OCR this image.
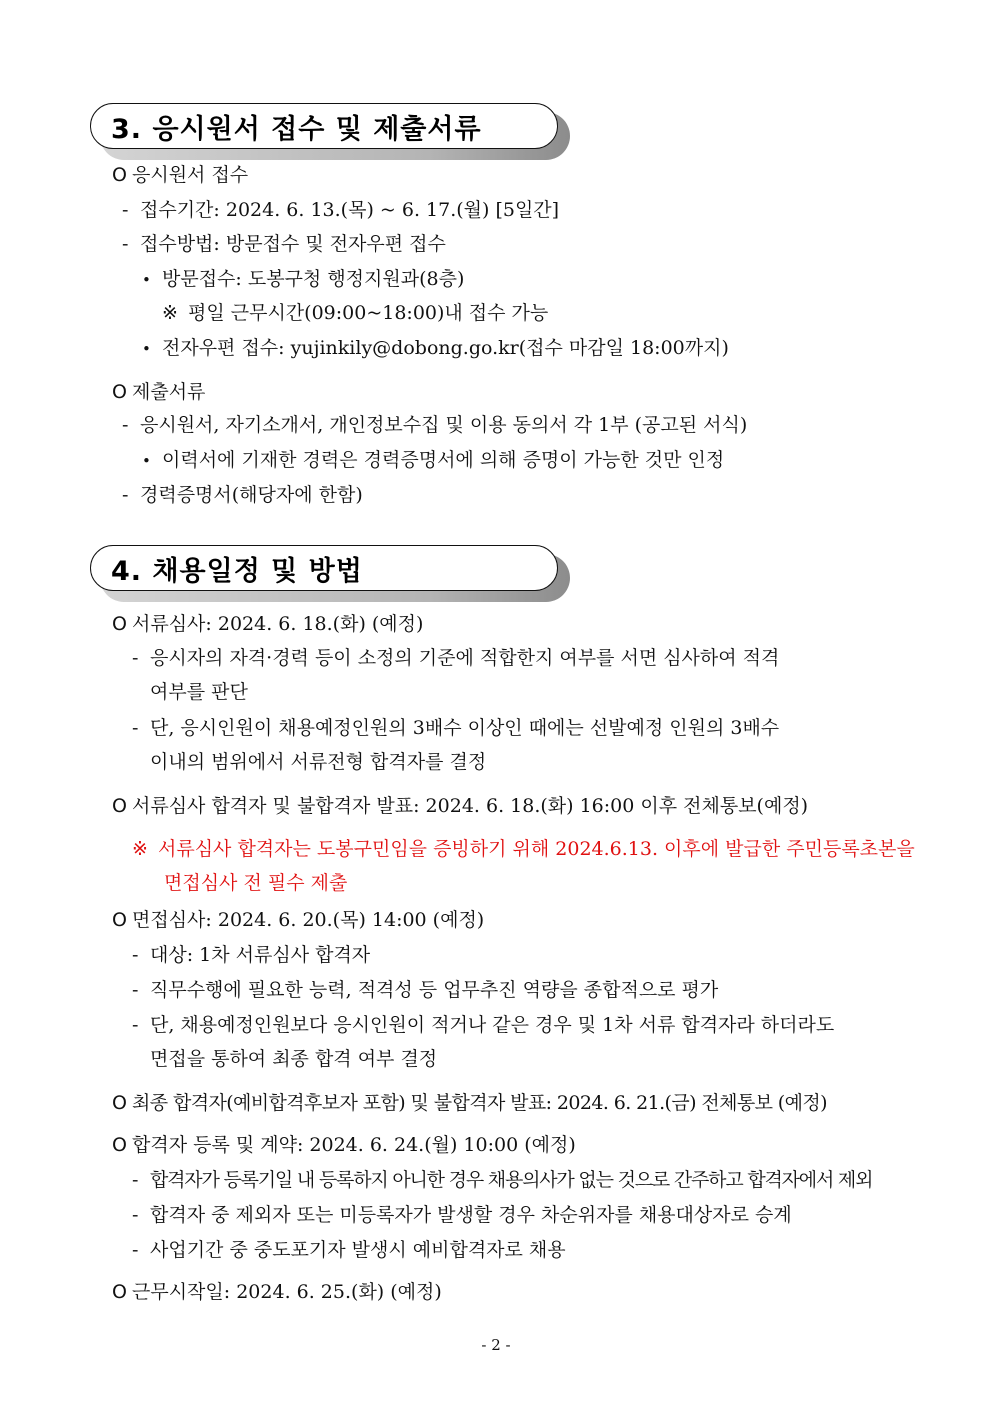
3. 응시원서 접수 및 제출서류
O 응시원서 접수
- 접수기간: 2024. 6. 13.(목) ~ 6. 17.(월) [5일간]
- 접수방법: 방문접수 및 전자우편 접수
• 방문접수: 도봉구청 행정지원과(8층)
※ 평일 근무시간(09:00~18:00)내 접수 가능
• 전자우편 접수: yujinkily@dobong.go.kr(접수 마감일 18:00까지)
O 제출서류
- 응시원서, 자기소개서, 개인정보수집 및 이용 동의서 각 1부 (공고된 서식)
• 이력서에 기재한 경력은 경력증명서에 의해 증명이 가능한 것만 인정
- 경력증명서(해당자에 한함)
4. 채용일정 및 방법
O 서류심사: 2024. 6. 18.(화) (예정)
- 응시자의 자격·경력 등이 소정의 기준에 적합한지 여부를 서면 심사하여 적격
여부를 판단
- 단, 응시인원이 채용예정인원의 3배수 이상인 때에는 선발예정 인원의 3배수
이내의 범위에서 서류전형 합격자를 결정
O 서류심사 합격자 및 불합격자 발표: 2024. 6. 18.(화) 16:00 이후 전체통보(예정)
※ 서류심사 합격자는 도봉구민임을 증빙하기 위해 2024.6.13. 이후에 발급한 주민등록초본을
면접심사 전 필수 제출
O 면접심사: 2024. 6. 20.(목) 14:00 (예정)
- 대상: 1차 서류심사 합격자
- 직무수행에 필요한 능력, 적격성 등 업무추진 역량을 종합적으로 평가
- 단, 채용예정인원보다 응시인원이 적거나 같은 경우 및 1차 서류 합격자라 하더라도
면접을 통하여 최종 합격 여부 결정
O 최종 합격자(예비합격후보자 포함) 및 불합격자 발표: 2024. 6. 21.(금) 전체통보 (예정)
O 합격자 등록 및 계약: 2024. 6. 24.(월) 10:00 (예정)
- 합격자가 등록기일 내 등록하지 아니한 경우 채용의사가 없는 것으로 간주하고 합격자에서 제외
- 합격자 중 제외자 또는 미등록자가 발생할 경우 차순위자를 채용대상자로 승계
- 사업기간 중 중도포기자 발생시 예비합격자로 채용
O 근무시작일: 2024. 6. 25.(화) (예정)
- 2 -
